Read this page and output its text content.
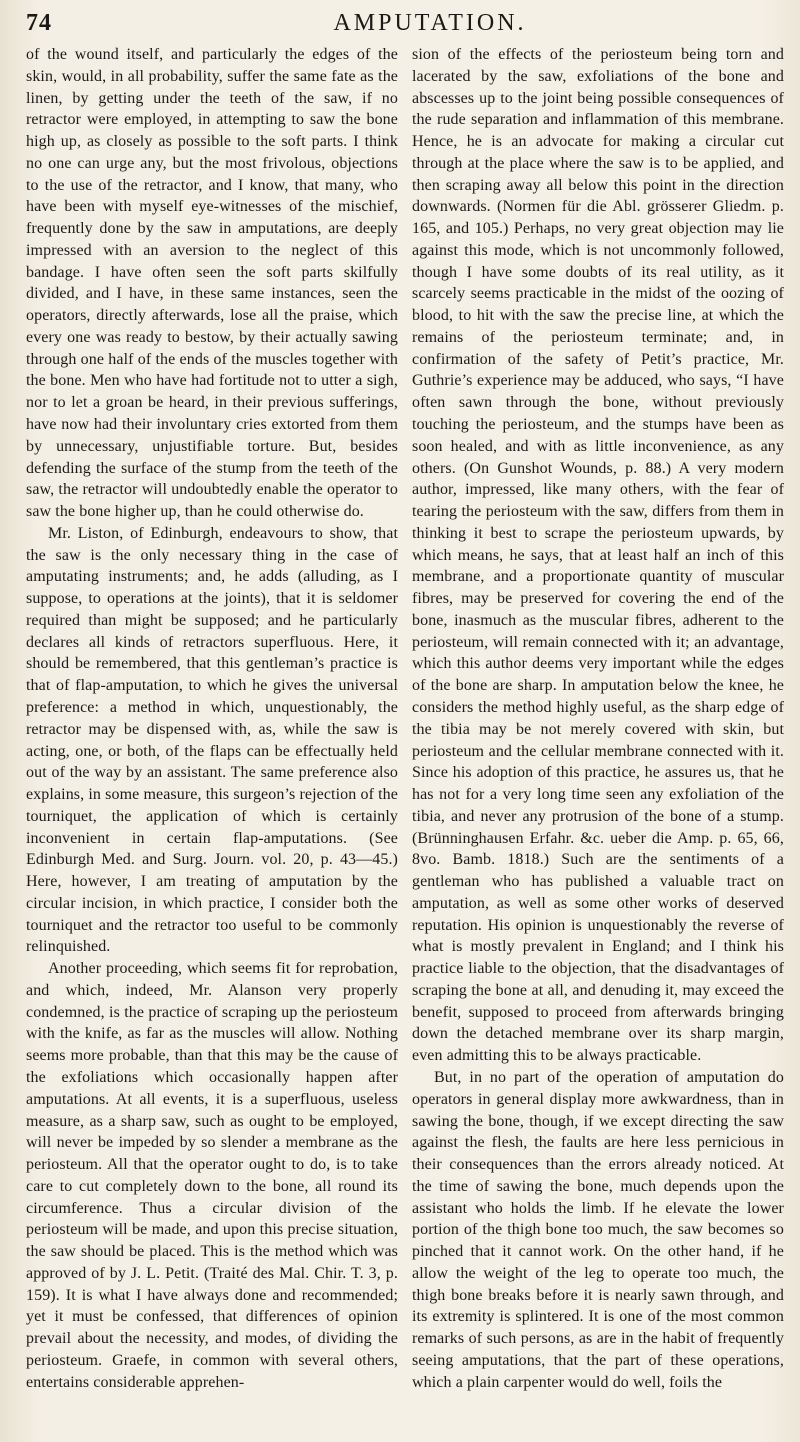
74	AMPUTATION.

of the wound itself, and particularly the edges of the skin, would, in all probability, suffer the same fate as the linen, by getting under the teeth of the saw, if no retractor were employed, in attempting to saw the bone high up, as closely as possible to the soft parts. I think no one can urge any, but the most frivolous, objections to the use of the retractor, and I know, that many, who have been with myself eye-witnesses of the mischief, frequently done by the saw in amputations, are deeply impressed with an aversion to the neglect of this bandage. I have often seen the soft parts skilfully divided, and I have, in these same instances, seen the operators, directly afterwards, lose all the praise, which every one was ready to bestow, by their actually sawing through one half of the ends of the muscles together with the bone. Men who have had fortitude not to utter a sigh, nor to let a groan be heard, in their previous sufferings, have now had their involuntary cries extorted from them by unnecessary, unjustifiable torture. But, besides defending the surface of the stump from the teeth of the saw, the retractor will undoubtedly enable the operator to saw the bone higher up, than he could otherwise do.

Mr. Liston, of Edinburgh, endeavours to show, that the saw is the only necessary thing in the case of amputating instruments; and, he adds (alluding, as I suppose, to operations at the joints), that it is seldomer required than might be supposed; and he particularly declares all kinds of retractors superfluous. Here, it should be remembered, that this gentleman’s practice is that of flap-amputation, to which he gives the universal preference: a method in which, unquestionably, the retractor may be dispensed with, as, while the saw is acting, one, or both, of the flaps can be effectually held out of the way by an assistant. The same preference also explains, in some measure, this surgeon’s rejection of the tourniquet, the application of which is certainly inconvenient in certain flap-amputations. (See Edinburgh Med. and Surg. Journ. vol. 20, p. 43—45.) Here, however, I am treating of amputation by the circular incision, in which practice, I consider both the tourniquet and the retractor too useful to be commonly relinquished.

Another proceeding, which seems fit for reprobation, and which, indeed, Mr. Alanson very properly condemned, is the practice of scraping up the periosteum with the knife, as far as the muscles will allow. Nothing seems more probable, than that this may be the cause of the exfoliations which occasionally happen after amputations. At all events, it is a superfluous, useless measure, as a sharp saw, such as ought to be employed, will never be impeded by so slender a membrane as the periosteum. All that the operator ought to do, is to take care to cut completely down to the bone, all round its circumference. Thus a circular division of the periosteum will be made, and upon this precise situation, the saw should be placed. This is the method which was approved of by J. L. Petit. (Traité des Mal. Chir. T. 3, p. 159). It is what I have always done and recommended; yet it must be confessed, that differences of opinion prevail about the necessity, and modes, of dividing the periosteum. Graefe, in common with several others, entertains considerable apprehen-

sion of the effects of the periosteum being torn and lacerated by the saw, exfoliations of the bone and abscesses up to the joint being possible consequences of the rude separation and inflammation of this membrane. Hence, he is an advocate for making a circular cut through at the place where the saw is to be applied, and then scraping away all below this point in the direction downwards. (Normen für die Abl. grösserer Gliedm. p. 165, and 105.) Perhaps, no very great objection may lie against this mode, which is not uncommonly followed, though I have some doubts of its real utility, as it scarcely seems practicable in the midst of the oozing of blood, to hit with the saw the precise line, at which the remains of the periosteum terminate; and, in confirmation of the safety of Petit’s practice, Mr. Guthrie’s experience may be adduced, who says, “I have often sawn through the bone, without previously touching the periosteum, and the stumps have been as soon healed, and with as little inconvenience, as any others. (On Gunshot Wounds, p. 88.) A very modern author, impressed, like many others, with the fear of tearing the periosteum with the saw, differs from them in thinking it best to scrape the periosteum upwards, by which means, he says, that at least half an inch of this membrane, and a proportionate quantity of muscular fibres, may be preserved for covering the end of the bone, inasmuch as the muscular fibres, adherent to the periosteum, will remain connected with it; an advantage, which this author deems very important while the edges of the bone are sharp. In amputation below the knee, he considers the method highly useful, as the sharp edge of the tibia may be not merely covered with skin, but periosteum and the cellular membrane connected with it. Since his adoption of this practice, he assures us, that he has not for a very long time seen any exfoliation of the tibia, and never any protrusion of the bone of a stump. (Brünninghausen Erfahr. &c. ueber die Amp. p. 65, 66, 8vo. Bamb. 1818.) Such are the sentiments of a gentleman who has published a valuable tract on amputation, as well as some other works of deserved reputation. His opinion is unquestionably the reverse of what is mostly prevalent in England; and I think his practice liable to the objection, that the disadvantages of scraping the bone at all, and denuding it, may exceed the benefit, supposed to proceed from afterwards bringing down the detached membrane over its sharp margin, even admitting this to be always practicable.

But, in no part of the operation of amputation do operators in general display more awkwardness, than in sawing the bone, though, if we except directing the saw against the flesh, the faults are here less pernicious in their consequences than the errors already noticed. At the time of sawing the bone, much depends upon the assistant who holds the limb. If he elevate the lower portion of the thigh bone too much, the saw becomes so pinched that it cannot work. On the other hand, if he allow the weight of the leg to operate too much, the thigh bone breaks before it is nearly sawn through, and its extremity is splintered. It is one of the most common remarks of such persons, as are in the habit of frequently seeing amputations, that the part of these operations, which a plain carpenter would do well, foils the
